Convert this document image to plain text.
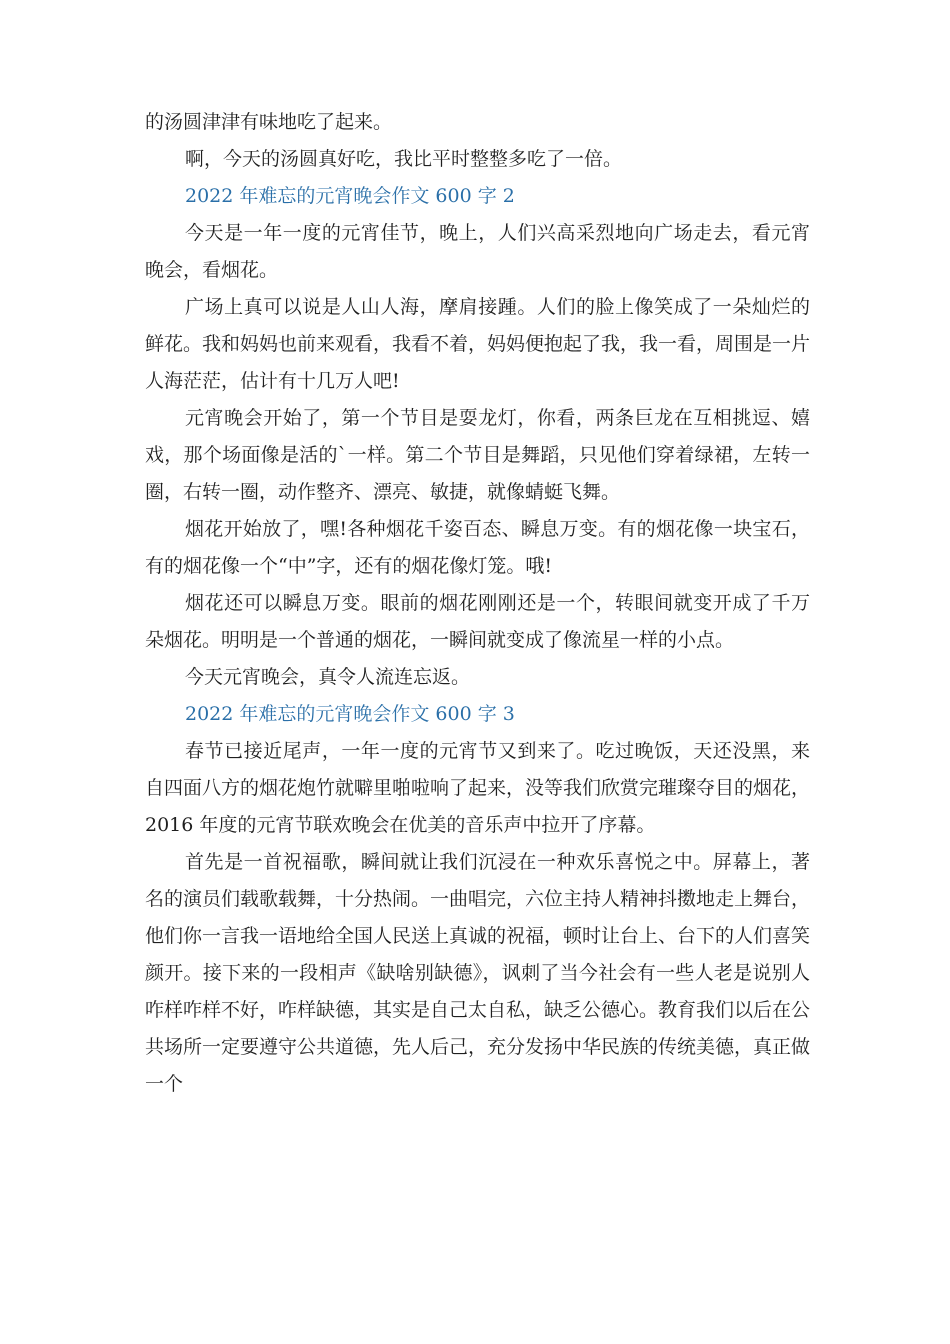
的汤圆津津有味地吃了起来。

啊，今天的汤圆真好吃，我比平时整整多吃了一倍。

2022 年难忘的元宵晚会作文 600 字 2

今天是一年一度的元宵佳节，晚上，人们兴高采烈地向广场走去，看元宵晚会，看烟花。

广场上真可以说是人山人海，摩肩接踵。人们的脸上像笑成了一朵灿烂的鲜花。我和妈妈也前来观看，我看不着，妈妈便抱起了我，我一看，周围是一片人海茫茫，估计有十几万人吧!

元宵晚会开始了，第一个节目是耍龙灯，你看，两条巨龙在互相挑逗、嬉戏，那个场面像是活的`一样。第二个节目是舞蹈，只见他们穿着绿裙，左转一圈，右转一圈，动作整齐、漂亮、敏捷，就像蜻蜓飞舞。

烟花开始放了，嘿!各种烟花千姿百态、瞬息万变。有的烟花像一块宝石，有的烟花像一个“中”字，还有的烟花像灯笼。哦!

烟花还可以瞬息万变。眼前的烟花刚刚还是一个，转眼间就变开成了千万朵烟花。明明是一个普通的烟花，一瞬间就变成了像流星一样的小点。

今天元宵晚会，真令人流连忘返。

2022 年难忘的元宵晚会作文 600 字 3

春节已接近尾声，一年一度的元宵节又到来了。吃过晚饭，天还没黑，来自四面八方的烟花炮竹就噼里啪啦响了起来，没等我们欣赏完璀璨夺目的烟花，2016 年度的元宵节联欢晚会在优美的音乐声中拉开了序幕。

首先是一首祝福歌，瞬间就让我们沉浸在一种欢乐喜悦之中。屏幕上，著名的演员们载歌载舞，十分热闹。一曲唱完，六位主持人精神抖擞地走上舞台，他们你一言我一语地给全国人民送上真诚的祝福，顿时让台上、台下的人们喜笑颜开。接下来的一段相声《缺啥别缺德》，讽刺了当今社会有一些人老是说别人咋样咋样不好，咋样缺德，其实是自己太自私，缺乏公德心。教育我们以后在公共场所一定要遵守公共道德，先人后己，充分发扬中华民族的传统美德，真正做一个
